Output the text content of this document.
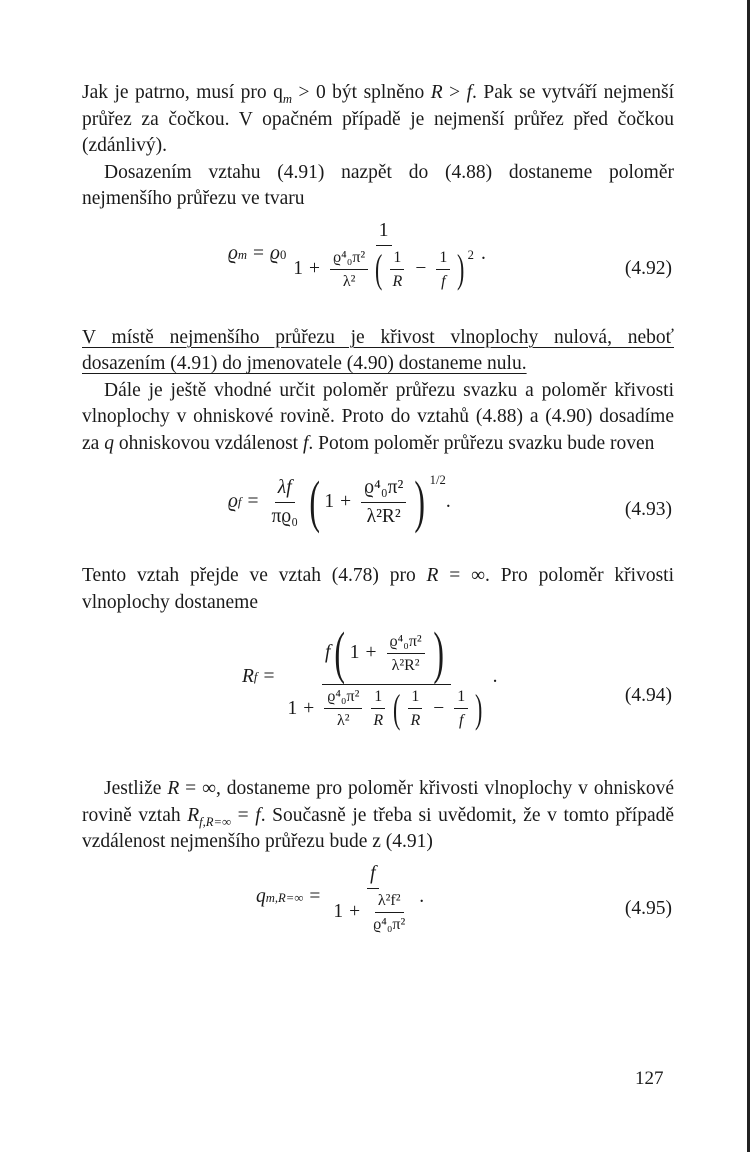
Jak je patrno, musí pro $q_m > 0$ být splněno R > f. Pak se vytváří nejmenší průřez za čočkou. V opačném případě je nejmenší průřez před čočkou (zdánlivý).

Dosazením vztahu (4.91) nazpět do (4.88) dostaneme poloměr nejmenšího průřezu ve tvaru

ϱ m = ϱ 0
1
$1 + \frac{\text{ϱ⁴₀π²}}{\text{λ²}}$ ( $\frac{1}{R} - \frac{1}{f} )^2$ .
(4.92)

V místě nejmenšího průřezu je křivost vlnoplochy nulová, neboť dosazením (4.91) do jmenovatele (4.90) dostaneme nulu.

Dále je ještě vhodné určit poloměr průřezu svazku a poloměr křivosti vlnoplochy v ohniskové rovině. Proto do vztahů (4.88) a (4.90) dosadíme za q ohniskovou vzdálenost f. Potom poloměr průřezu svazku bude roven

ϱ $f = \frac{\lambda f}{\text{πϱ₀}}$ ( $1 + \frac{\text{ϱ⁴₀π²}}{\text{λ²R²}}$ ) $^{1/2}$
.	(4.93)

Tento vztah přejde ve vztah (4.78) pro R = ∞. Pro poloměr křivosti vlnoplochy dostaneme

R f =
f ( $1 + \frac{\text{ϱ⁴₀π²}}{\text{λ²R²}}$ )
$1 + \frac{\text{ϱ⁴₀π²}}{\text{λ²}} \frac{1}{R}$ ( $\frac{1}{R} - \frac{1}{f}$ )
.
(4.94)

Jestliže R = ∞, dostaneme pro poloměr křivosti vlnoplochy v ohniskové rovině vztah $R_{f,R=\infty} = f$. Současně je třeba si uvědomit, že v tomto případě vzdálenost nejmenšího průřezu bude z (4.91)

q $m,R=\infty = \frac{f}{1 + \frac{\text{λ²f²}}{\text{ϱ⁴₀π²}}}$ .
(4.95)
127
